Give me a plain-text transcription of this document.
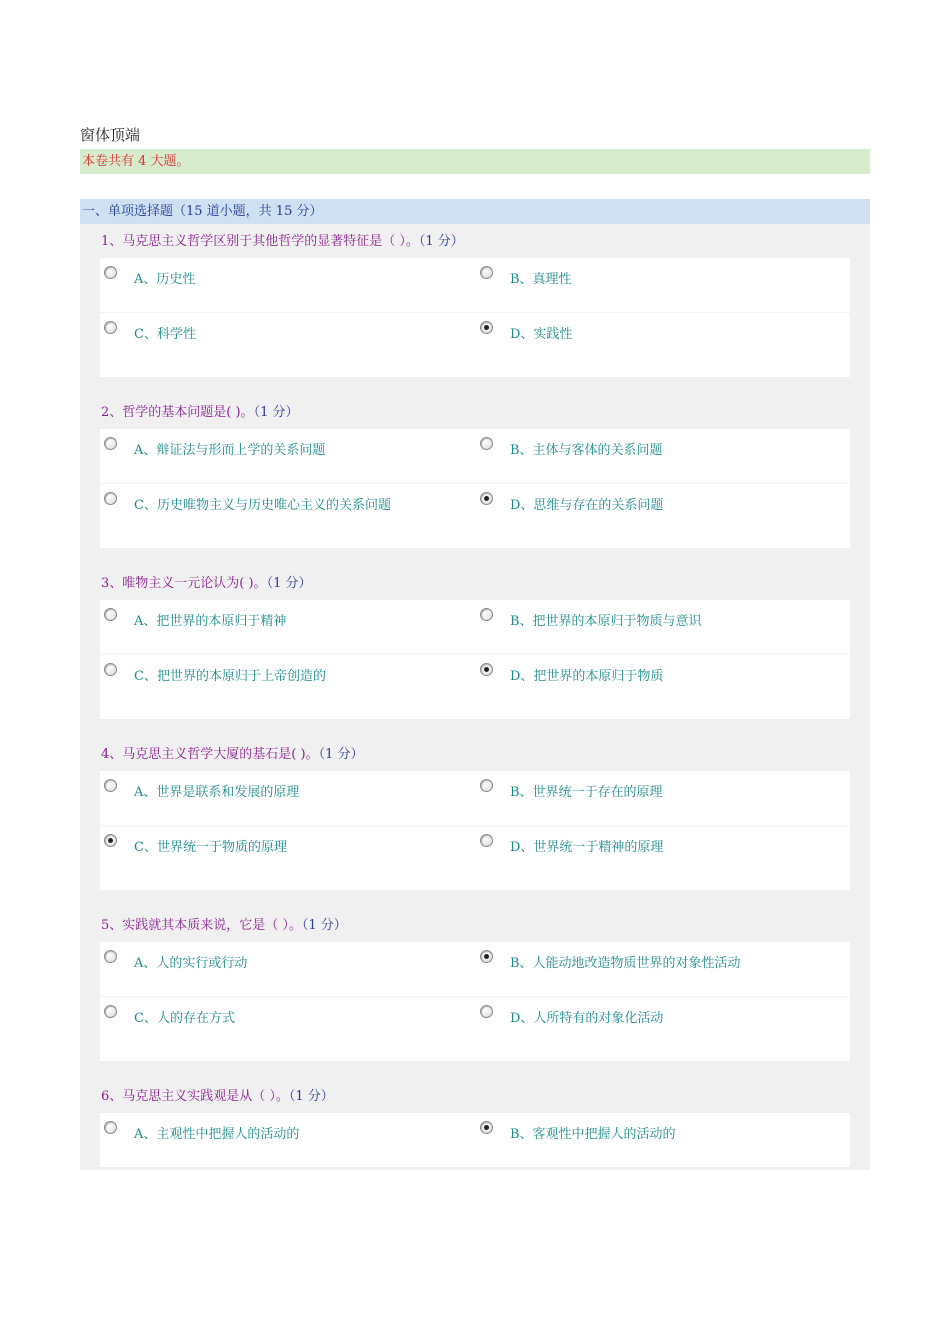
窗体顶端
本卷共有 4 大题。
一、单项选择题（15 道小题，共 15 分）
1、马克思主义哲学区别于其他哲学的显著特征是（ ）。（1 分）
A、历史性	B、真理性
C、科学性	D、实践性
2、哲学的基本问题是( )。（1 分）
A、辩证法与形而上学的关系问题	B、主体与客体的关系问题
C、历史唯物主义与历史唯心主义的关系问题	D、思维与存在的关系问题
3、唯物主义一元论认为( )。（1 分）
A、把世界的本原归于精神	B、把世界的本原归于物质与意识
C、把世界的本原归于上帝创造的	D、把世界的本原归于物质
4、马克思主义哲学大厦的基石是( )。（1 分）
A、世界是联系和发展的原理	B、世界统一于存在的原理
C、世界统一于物质的原理	D、世界统一于精神的原理
5、实践就其本质来说，它是（ ）。（1 分）
A、人的实行或行动	B、人能动地改造物质世界的对象性活动
C、人的存在方式	D、人所特有的对象化活动
6、马克思主义实践观是从（ ）。（1 分）
A、主观性中把握人的活动的	B、客观性中把握人的活动的
